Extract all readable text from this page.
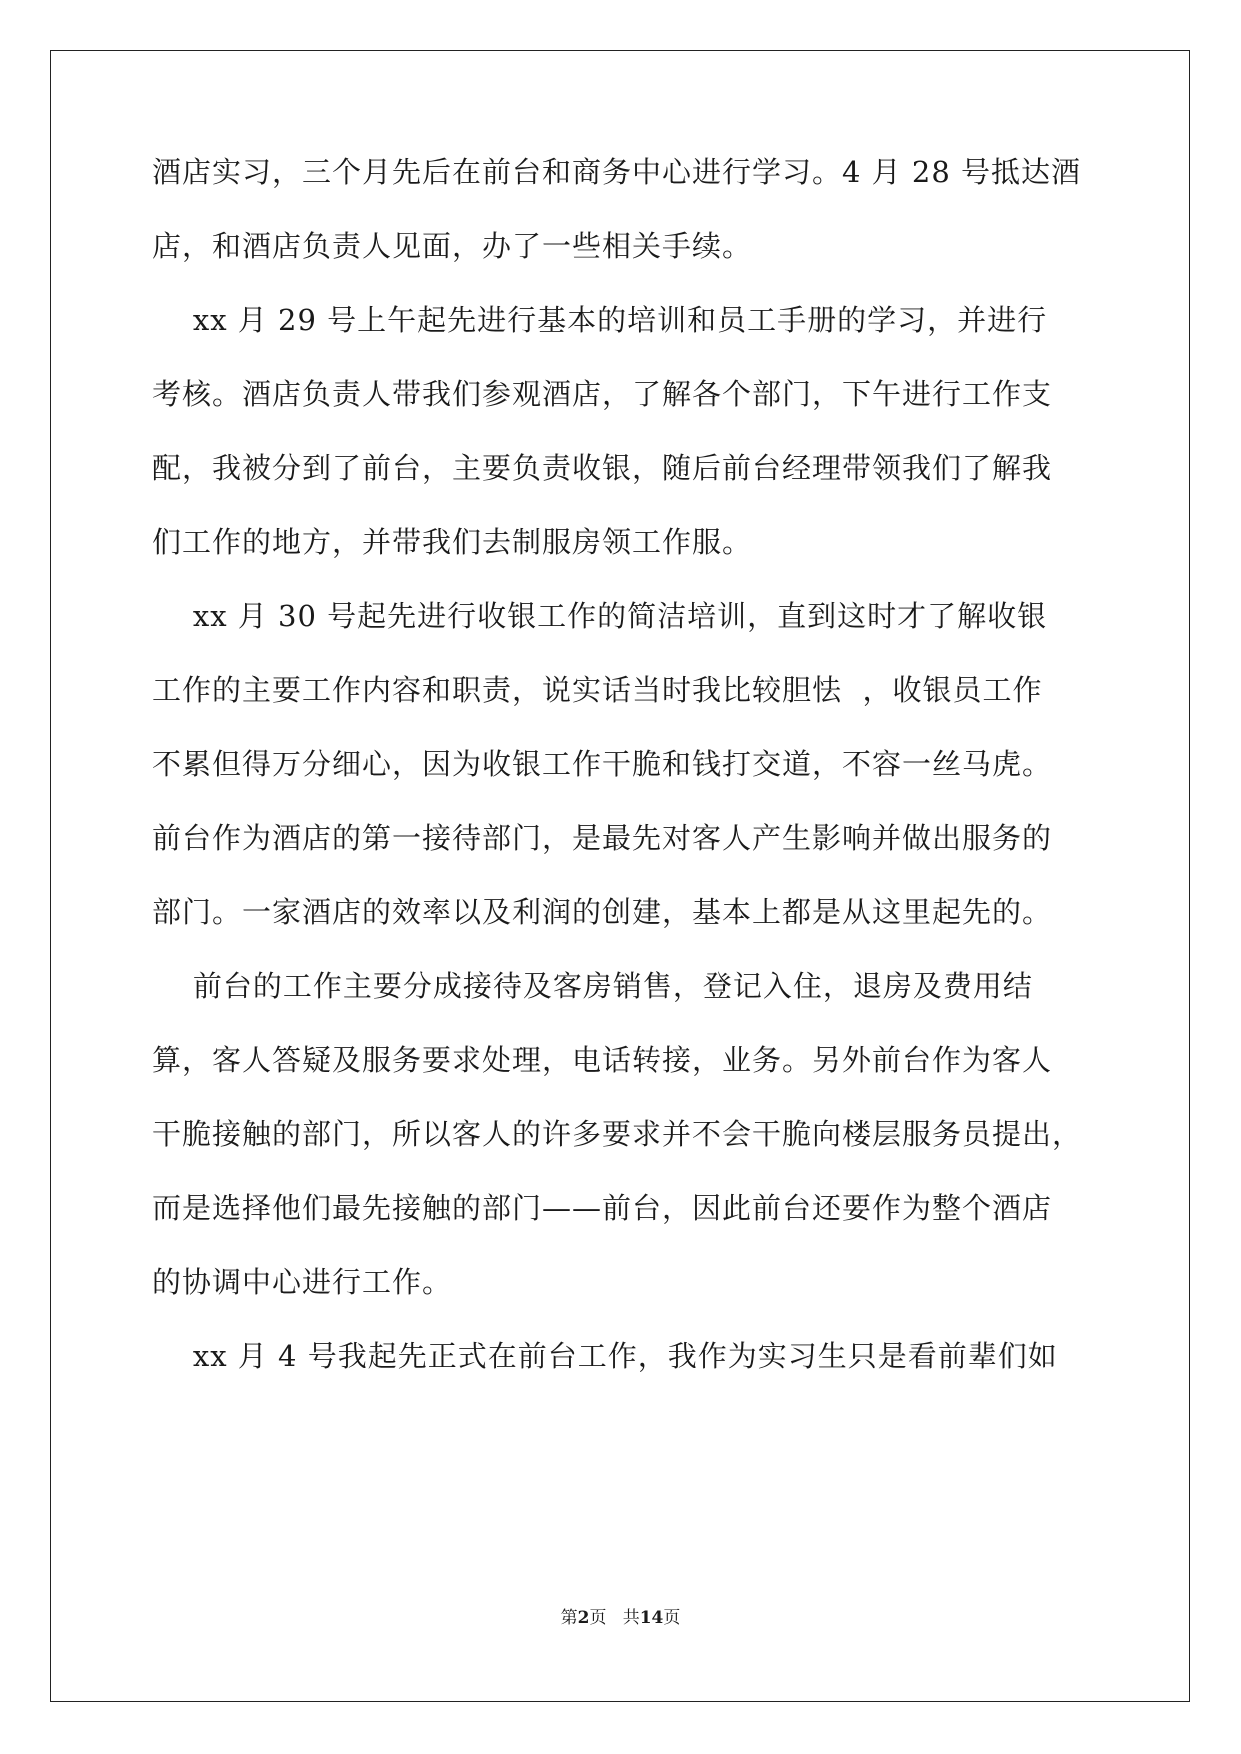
酒店实习，三个月先后在前台和商务中心进行学习。4 月 28 号抵达酒
店，和酒店负责人见面，办了一些相关手续。
xx 月 29 号上午起先进行基本的培训和员工手册的学习，并进行
考核。酒店负责人带我们参观酒店，了解各个部门，下午进行工作支
配，我被分到了前台，主要负责收银，随后前台经理带领我们了解我
们工作的地方，并带我们去制服房领工作服。
xx 月 30 号起先进行收银工作的简洁培训，直到这时才了解收银
工作的主要工作内容和职责，说实话当时我比较胆怯  ，收银员工作
不累但得万分细心，因为收银工作干脆和钱打交道，不容一丝马虎。
前台作为酒店的第一接待部门，是最先对客人产生影响并做出服务的
部门。一家酒店的效率以及利润的创建，基本上都是从这里起先的。
前台的工作主要分成接待及客房销售，登记入住，退房及费用结
算，客人答疑及服务要求处理，电话转接，业务。另外前台作为客人
干脆接触的部门，所以客人的许多要求并不会干脆向楼层服务员提出，
而是选择他们最先接触的部门——前台，因此前台还要作为整个酒店
的协调中心进行工作。
xx 月 4 号我起先正式在前台工作，我作为实习生只是看前辈们如
第2页 共14页
